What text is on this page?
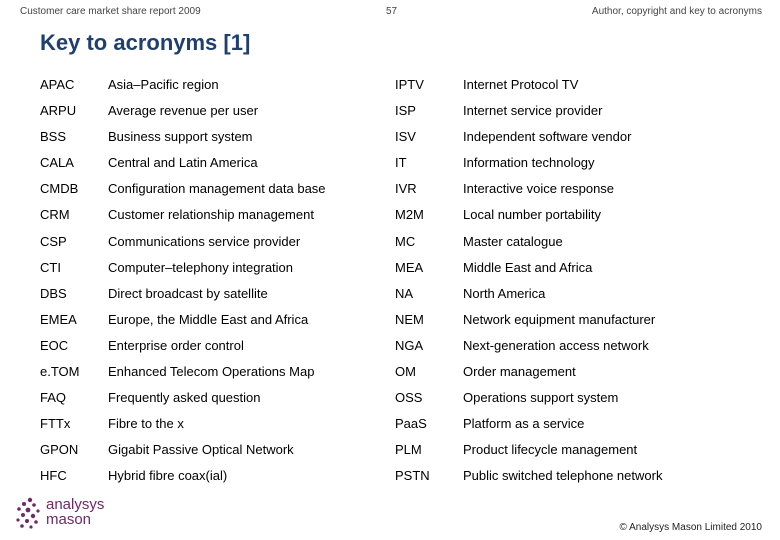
Customer care market share report 2009	57	Author, copyright and key to acronyms
Key to acronyms [1]
APAC	Asia–Pacific region
ARPU Average revenue per user
BSS	Business support system
CALA	Central and Latin America
CMDB Configuration management data base
CRM	Customer relationship management
CSP	Communications service provider
CTI	Computer–telephony integration
DBS	Direct broadcast by satellite
EMEA Europe, the Middle East and Africa
EOC	Enterprise order control
e.TOM Enhanced Telecom Operations Map
FAQ	Frequently asked question
FTTx	Fibre to the x
GPON Gigabit Passive Optical Network
HFC	Hybrid fibre coax(ial)
IPTV	Internet Protocol TV
ISP	Internet service provider
ISV	Independent software vendor
IT	Information technology
IVR	Interactive voice response
M2M	Local number portability
MC	Master catalogue
MEA	Middle East and Africa
NA	North America
NEM	Network equipment manufacturer
NGA	Next-generation access network
OM	Order management
OSS	Operations support system
PaaS	Platform as a service
PLM	Product lifecycle management
PSTN	Public switched telephone network
analysys
mason	© Analysys Mason Limited 2010
